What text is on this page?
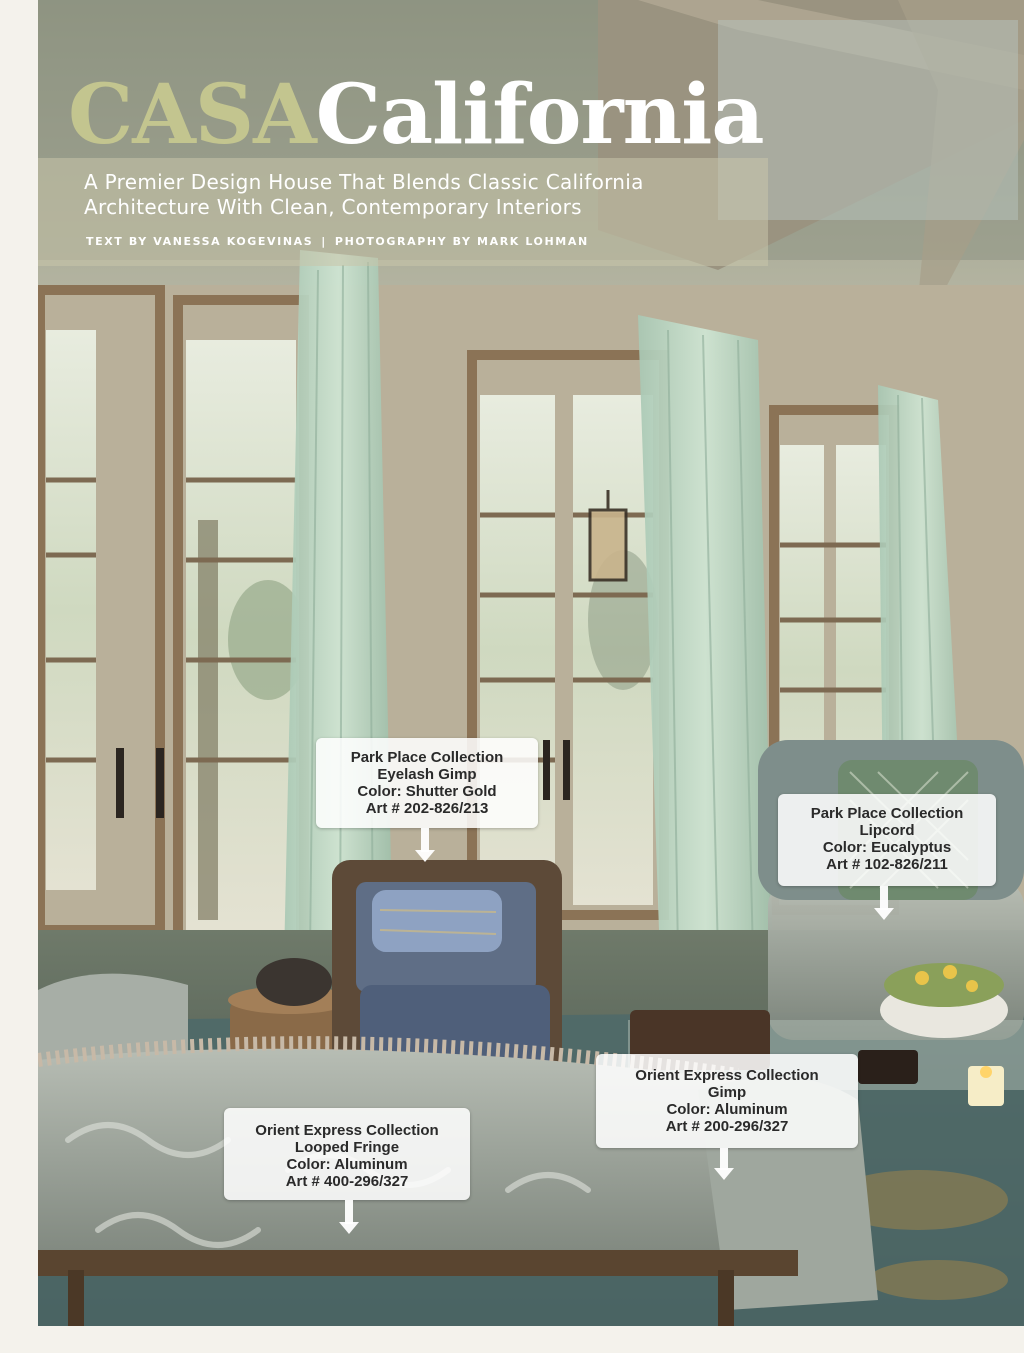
CASACalifornia

A Premier Design House That Blends Classic California
Architecture With Clean, Contemporary Interiors

TEXT BY VANESSA KOGEVINAS | PHOTOGRAPHY BY MARK LOHMAN

Park Place Collection
Eyelash Gimp
Color: Shutter Gold
Art # 202-826/213	Park Place Collection
Lipcord
Color: Eucalyptus
Art # 102-826/211
Orient Express Collection
Gimp
Color: Aluminum
Art # 200-296/327
Orient Express Collection
Looped Fringe
Color: Aluminum
Art # 400-296/327
